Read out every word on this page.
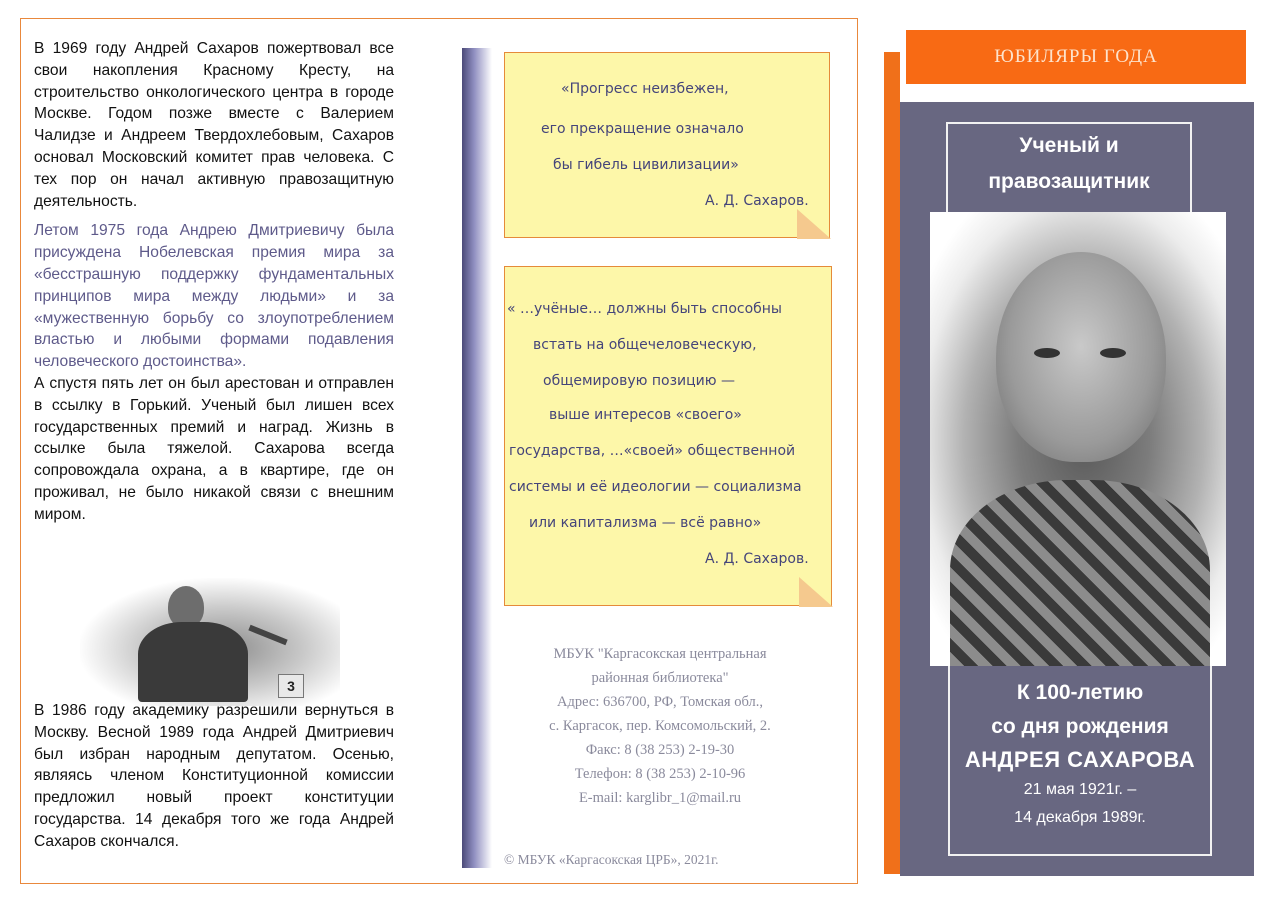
В 1969 году Андрей Сахаров пожертвовал все свои накопления Красному Кресту, на строительство онкологического центра в городе Москве. Годом позже вместе с Валерием Чалидзе и Андреем Твердохлебовым, Сахаров основал Московский комитет прав человека. С тех пор он начал активную правозащитную деятельность.

Летом 1975 года Андрею Дмитриевичу была присуждена Нобелевская премия мира за «бесстрашную поддержку фундаментальных принципов мира между людьми» и за «мужественную борьбу со злоупотреблением властью и любыми формами подавления человеческого достоинства».

А спустя пять лет он был арестован и отправлен в ссылку в Горький. Ученый был лишен всех государственных премий и наград. Жизнь в ссылке была тяжелой. Сахарова всегда сопровождала охрана, а в квартире, где он проживал, не было никакой связи с внешним миром.

3

В 1986 году академику разрешили вернуться в Москву. Весной 1989 года Андрей Дмитриевич был избран народным депутатом. Осенью, являясь членом Конституционной комиссии предложил новый проект конституции государства. 14 декабря того же года Андрей Сахаров скончался.

«Прогресс неизбежен,
его прекращение означало
бы гибель цивилизации»
А. Д. Сахаров.
« …учёные… должны быть способны
встать на общечеловеческую,
общемировую позицию —
выше интересов «своего»
государства, …«своей» общественной
системы и её идеологии — социализма
или капитализма — всё равно»
А. Д. Сахаров.
МБУК "Каргасокская центральная
районная библиотека"
Адрес: 636700, РФ, Томская обл.,
с. Каргасок, пер. Комсомольский, 2.
Факс: 8 (38 253) 2-19-30
Телефон: 8 (38 253) 2-10-96
E-mail: karglibr_1@mail.ru
© МБУК «Каргасокская ЦРБ», 2021г.
ЮБИЛЯРЫ ГОДА
Ученый и
правозащитник
К 100-летию
со дня рождения
АНДРЕЯ САХАРОВА
21 мая 1921г. –
14 декабря 1989г.
